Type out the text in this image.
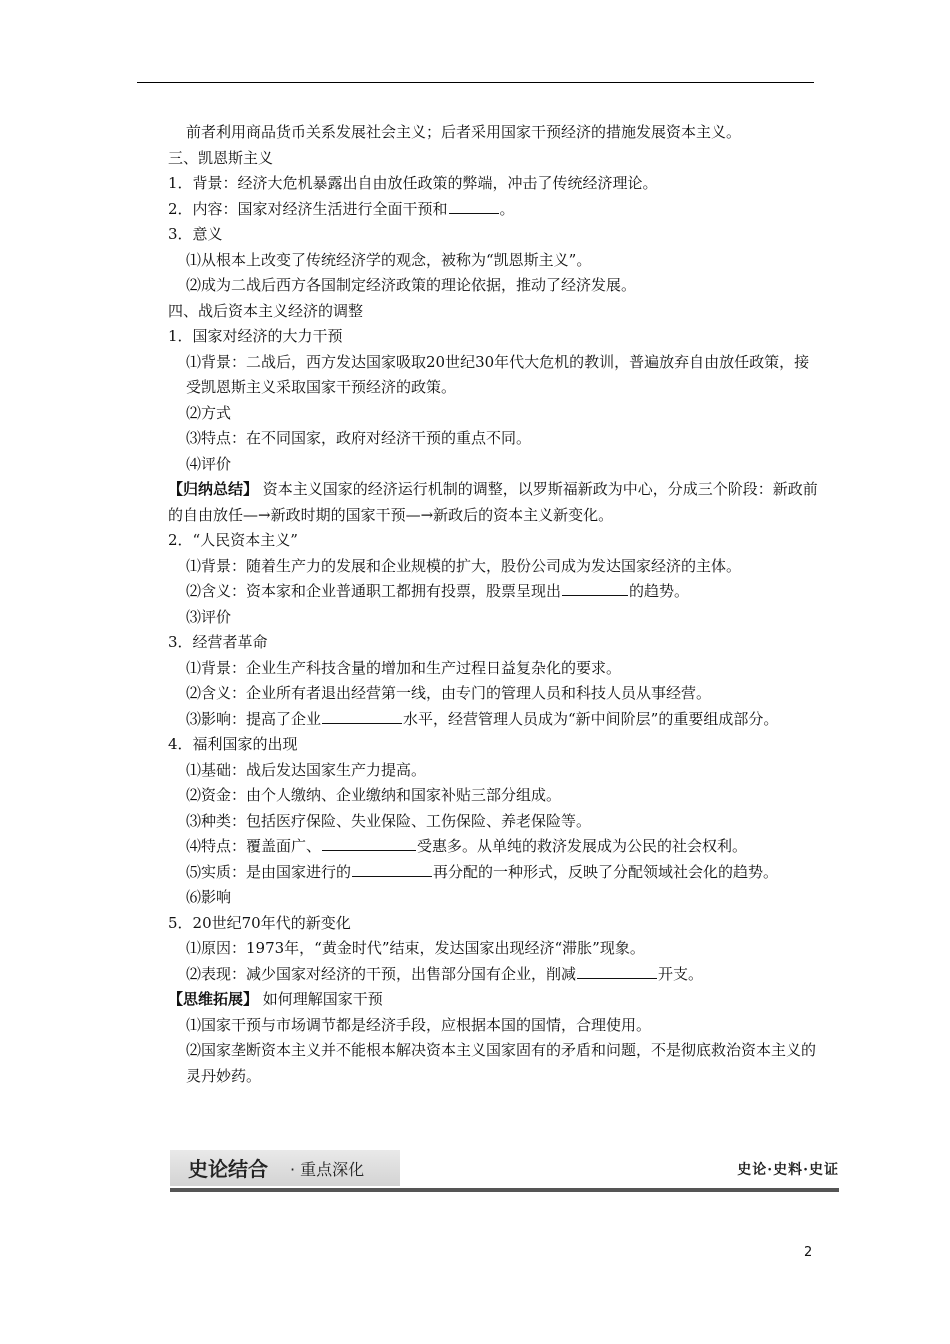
前者利用商品货币关系发展社会主义；后者采用国家干预经济的措施发展资本主义。
三、凯恩斯主义
1．背景：经济大危机暴露出自由放任政策的弊端，冲击了传统经济理论。
2．内容：国家对经济生活进行全面干预和	。
3．意义
⑴从根本上改变了传统经济学的观念，被称为“凯恩斯主义”。
⑵成为二战后西方各国制定经济政策的理论依据，推动了经济发展。
四、战后资本主义经济的调整
1．国家对经济的大力干预
⑴背景：二战后，西方发达国家吸取20世纪30年代大危机的教训，普遍放弃自由放任政策，接受凯恩斯主义采取国家干预经济的政策。
⑵方式
⑶特点：在不同国家，政府对经济干预的重点不同。
⑷评价
【归纳总结】 资本主义国家的经济运行机制的调整，以罗斯福新政为中心，分成三个阶段：新政前的自由放任—→新政时期的国家干预—→新政后的资本主义新变化。
2．“人民资本主义”
⑴背景：随着生产力的发展和企业规模的扩大，股份公司成为发达国家经济的主体。
⑵含义：资本家和企业普通职工都拥有投票，股票呈现出	的趋势。
⑶评价
3．经营者革命
⑴背景：企业生产科技含量的增加和生产过程日益复杂化的要求。
⑵含义：企业所有者退出经营第一线，由专门的管理人员和科技人员从事经营。
⑶影响：提高了企业	水平，经营管理人员成为“新中间阶层”的重要组成部分。
4．福利国家的出现
⑴基础：战后发达国家生产力提高。
⑵资金：由个人缴纳、企业缴纳和国家补贴三部分组成。
⑶种类：包括医疗保险、失业保险、工伤保险、养老保险等。
⑷特点：覆盖面广、	受惠多。从单纯的救济发展成为公民的社会权利。
⑸实质：是由国家进行的	再分配的一种形式，反映了分配领域社会化的趋势。
⑹影响
5．20世纪70年代的新变化
⑴原因：1973年，“黄金时代”结束，发达国家出现经济“滞胀”现象。
⑵表现：减少国家对经济的干预，出售部分国有企业，削减	开支。
【思维拓展】 如何理解国家干预
⑴国家干预与市场调节都是经济手段，应根据本国的国情，合理使用。
⑵国家垄断资本主义并不能根本解决资本主义国家固有的矛盾和问题，不是彻底救治资本主义的灵丹妙药。
史论结合 · 重点深化	史论·史料·史证
2
